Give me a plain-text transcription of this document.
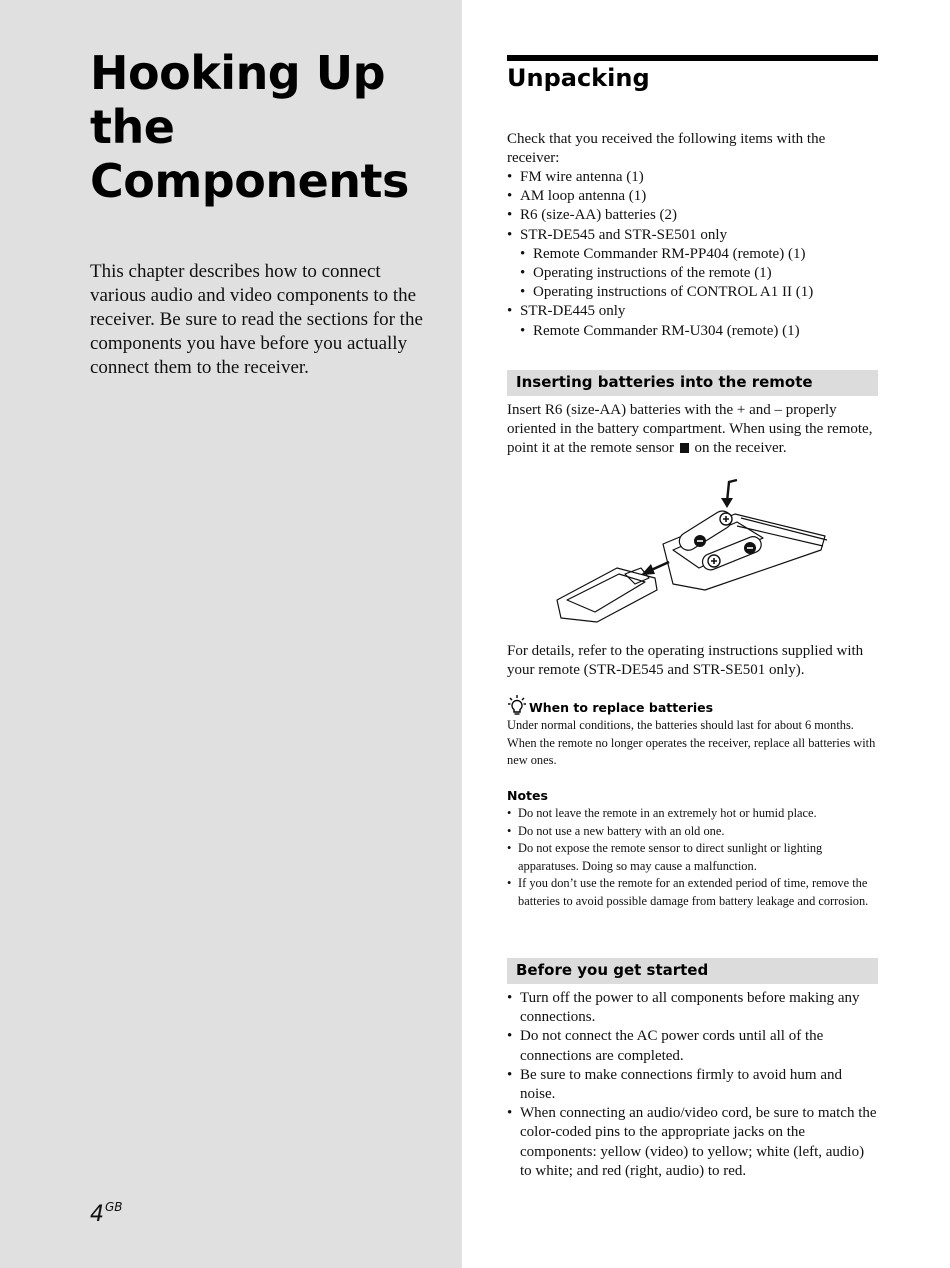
Hooking Up
the
Components

This chapter describes how to connect various audio and video components to the receiver. Be sure to read the sections for the components you have before you actually connect them to the receiver.

$4^{GB}$
Unpacking

Check that you received the following items with the receiver:

• FM wire antenna (1)
• AM loop antenna (1)
• R6 (size-AA) batteries (2)
• STR-DE545 and STR-SE501 only
• Remote Commander RM-PP404 (remote) (1)
• Operating instructions of the remote (1)
• Operating instructions of CONTROL A1 II (1)
• STR-DE445 only
• Remote Commander RM-U304 (remote) (1)
Inserting batteries into the remote

Insert R6 (size-AA) batteries with the + and – properly oriented in the battery compartment. When using the remote, point it at the remote sensor on the receiver.

For details, refer to the operating instructions supplied with your remote (STR-DE545 and STR-SE501 only).

When to replace batteries

Under normal conditions, the batteries should last for about 6 months. When the remote no longer operates the receiver, replace all batteries with new ones.

Notes
• Do not leave the remote in an extremely hot or humid place.
• Do not use a new battery with an old one.
• Do not expose the remote sensor to direct sunlight or lighting apparatuses. Doing so may cause a malfunction.
• If you don’t use the remote for an extended period of time, remove the batteries to avoid possible damage from battery leakage and corrosion.
Before you get started
• Turn off the power to all components before making any connections.
• Do not connect the AC power cords until all of the connections are completed.
• Be sure to make connections firmly to avoid hum and noise.
• When connecting an audio/video cord, be sure to match the color-coded pins to the appropriate jacks on the components: yellow (video) to yellow; white (left, audio) to white; and red (right, audio) to red.
